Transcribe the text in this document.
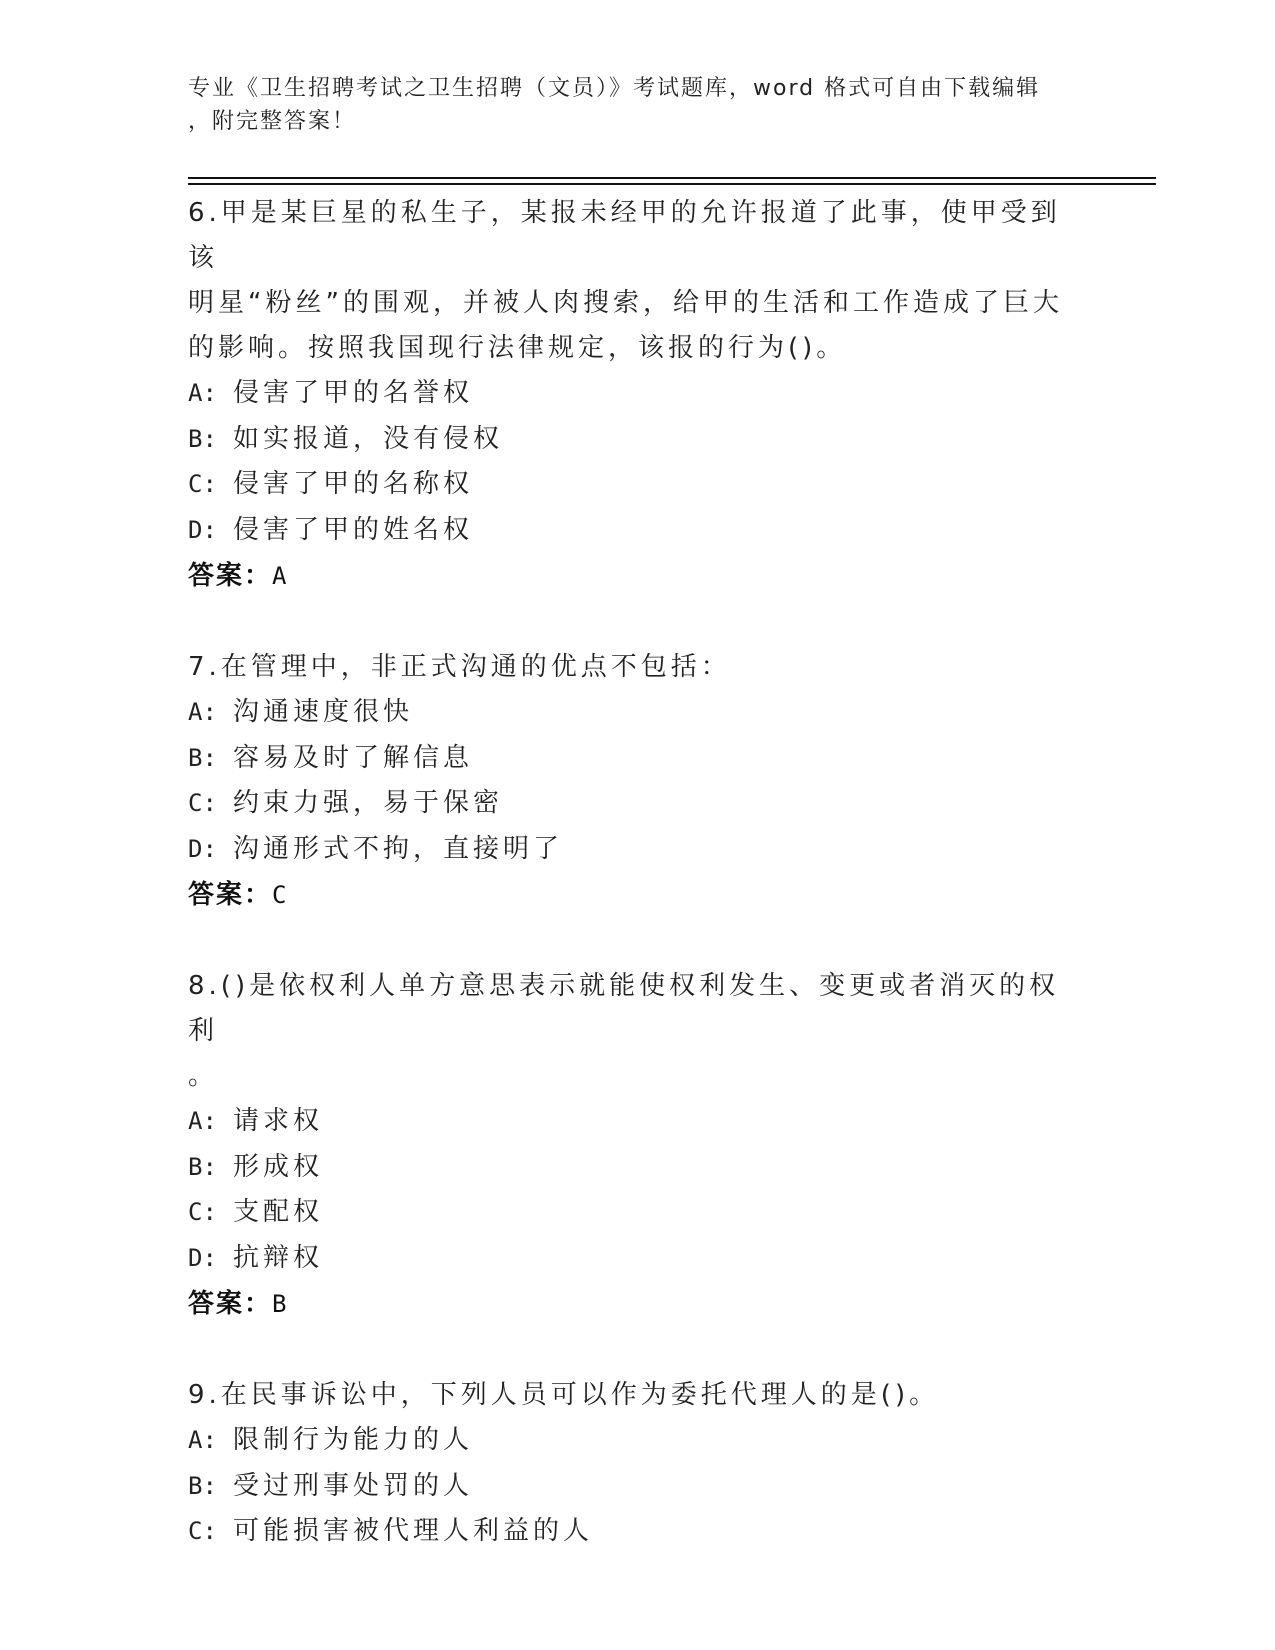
专业《卫生招聘考试之卫生招聘（文员）》考试题库，word 格式可自由下载编辑
，附完整答案！
6.甲是某巨星的私生子，某报未经甲的允许报道了此事，使甲受到该
明星“粉丝”的围观，并被人肉搜索，给甲的生活和工作造成了巨大
的影响。按照我国现行法律规定，该报的行为()。
A: 侵害了甲的名誉权
B: 如实报道，没有侵权
C: 侵害了甲的名称权
D: 侵害了甲的姓名权
答案：A
7.在管理中，非正式沟通的优点不包括：
A: 沟通速度很快
B: 容易及时了解信息
C: 约束力强，易于保密
D: 沟通形式不拘，直接明了
答案：C
8.()是依权利人单方意思表示就能使权利发生、变更或者消灭的权利
。
A: 请求权
B: 形成权
C: 支配权
D: 抗辩权
答案：B
9.在民事诉讼中，下列人员可以作为委托代理人的是()。
A: 限制行为能力的人
B: 受过刑事处罚的人
C: 可能损害被代理人利益的人
